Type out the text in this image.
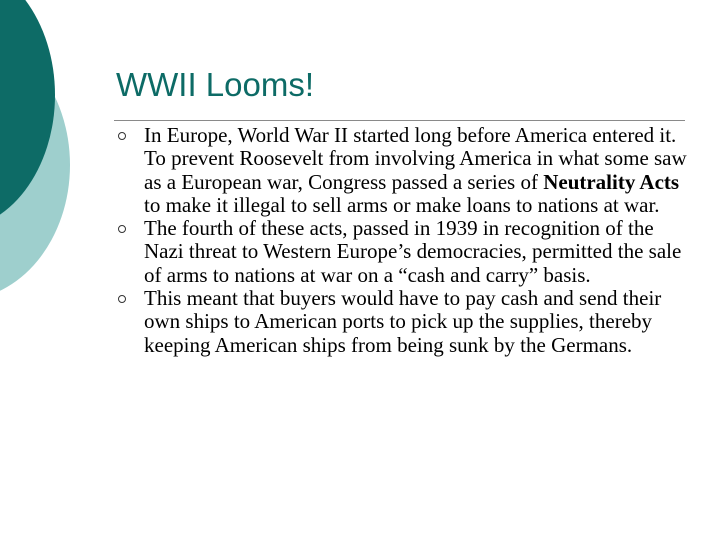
WWII Looms!
In Europe, World War II started long before America entered it. To prevent Roosevelt from involving America in what some saw as a European war, Congress passed a series of Neutrality Acts to make it illegal to sell arms or make loans to nations at war.
The fourth of these acts, passed in 1939 in recognition of the Nazi threat to Western Europe’s democracies, permitted the sale of arms to nations at war on a “cash and carry” basis.
This meant that buyers would have to pay cash and send their own ships to American ports to pick up the supplies, thereby keeping American ships from being sunk by the Germans.
